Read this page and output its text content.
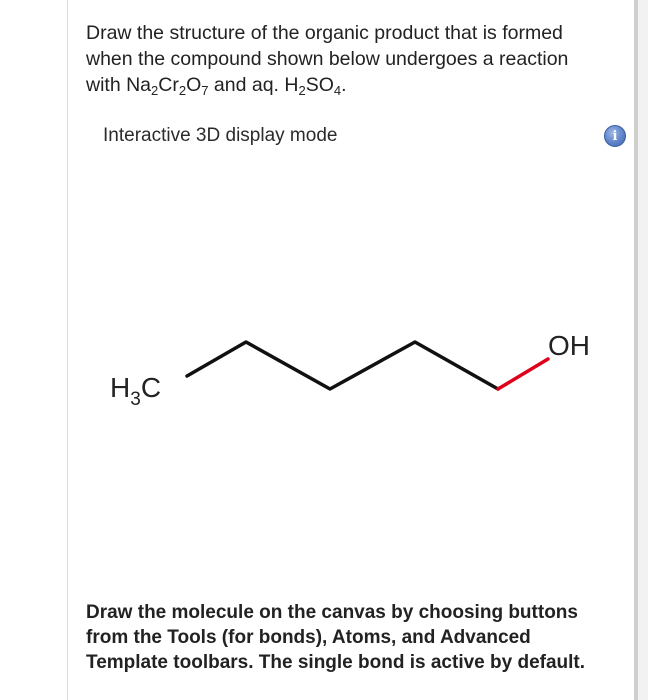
Draw the structure of the organic product that is formed
when the compound shown below undergoes a reaction
with $Na_2Cr_2O_7$ and aq. $H_2SO_4$.
Interactive 3D display mode	i
$H_3C$
OH
Draw the molecule on the canvas by choosing buttons from the Tools (for bonds), Atoms, and Advanced Template toolbars. The single bond is active by default.
